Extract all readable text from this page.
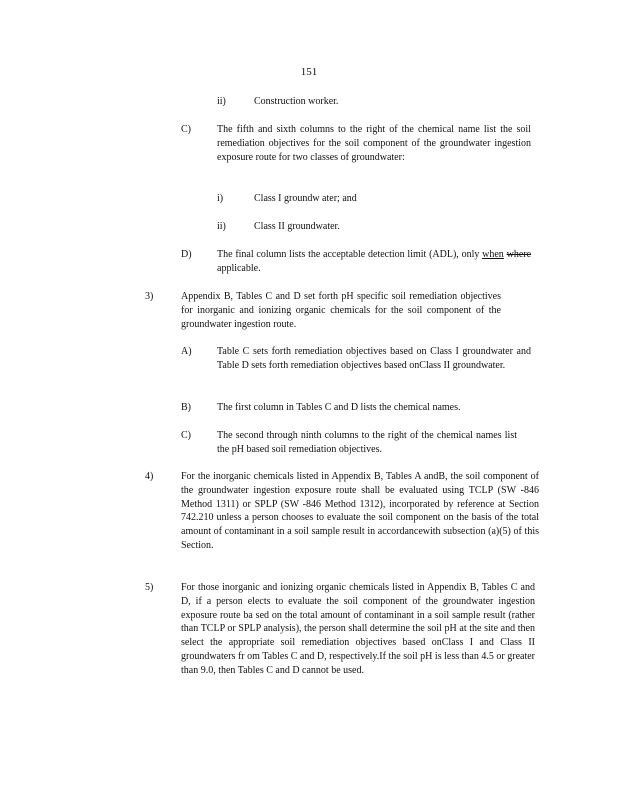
151
ii)	Construction worker.
C)	The fifth and sixth columns to the right of the chemical name list the soil remediation objectives for the soil component of the groundwater ingestion exposure route for two classes of groundwater:
i)	Class I groundw ater; and
ii)	Class II groundwater.
D)	The final column lists the acceptable detection limit (ADL), only when where applicable.
3)	Appendix B, Tables C and D set forth pH specific soil remediation objectives for inorganic and ionizing organic chemicals for the soil component of the groundwater ingestion route.
A)	Table C sets forth remediation objectives based on Class I groundwater and Table D sets forth remediation objectives based onClass II groundwater.
B)	The first column in Tables C and D lists the chemical names.
C)	The second through ninth columns to the right of the chemical names list the pH based soil remediation objectives.
4)	For the inorganic chemicals listed in Appendix B, Tables A andB, the soil component of the groundwater ingestion exposure route shall be evaluated using TCLP (SW -846 Method 1311) or SPLP (SW -846 Method 1312), incorporated by reference at Section 742.210 unless a person chooses to evaluate the soil component on the basis of the total amount of contaminant in a soil sample result in accordancewith subsection (a)(5) of this Section.
5)	For those inorganic and ionizing organic chemicals listed in Appendix B, Tables C and D, if a person elects to evaluate the soil component of the groundwater ingestion exposure route ba sed on the total amount of contaminant in a soil sample result (rather than TCLP or SPLP analysis), the person shall determine the soil pH at the site and then select the appropriate soil remediation objectives based onClass I and Class II groundwaters fr om Tables C and D, respectively.If the soil pH is less than 4.5 or greater than 9.0, then Tables C and D cannot be used.
